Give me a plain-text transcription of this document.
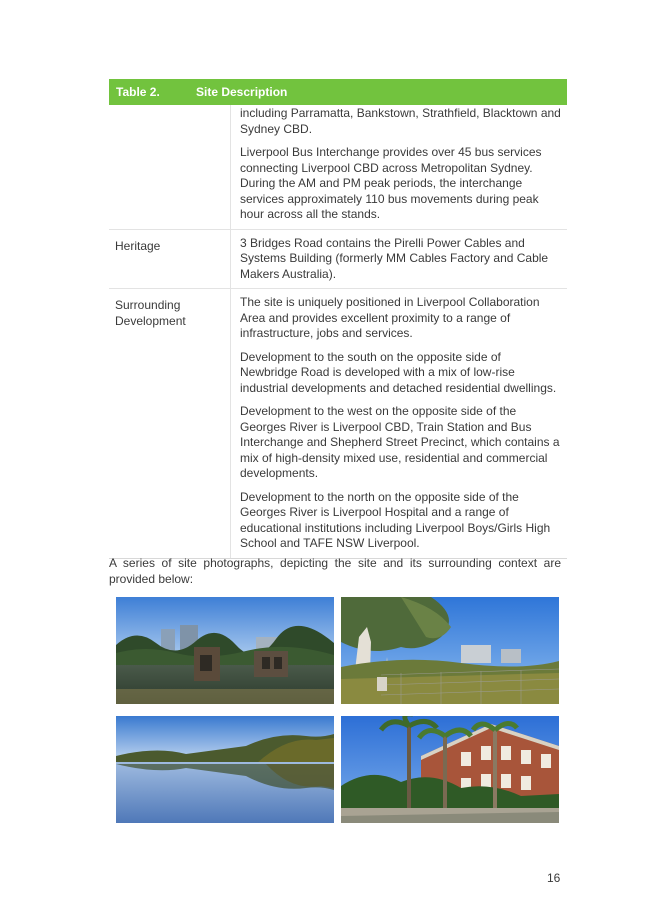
Table 2.	Site Description

including Parramatta, Bankstown, Strathfield, Blacktown and Sydney CBD.

Liverpool Bus Interchange provides over 45 bus services connecting Liverpool CBD across Metropolitan Sydney. During the AM and PM peak periods, the interchange services approximately 110 bus movements during peak hour across all the stands.

Heritage	3 Bridges Road contains the Pirelli Power Cables and Systems Building (formerly MM Cables Factory and Cable Makers Australia).

Surrounding Development

The site is uniquely positioned in Liverpool Collaboration Area and provides excellent proximity to a range of infrastructure, jobs and services.

Development to the south on the opposite side of Newbridge Road is developed with a mix of low-rise industrial developments and detached residential dwellings.

Development to the west on the opposite side of the Georges River is Liverpool CBD, Train Station and Bus Interchange and Shepherd Street Precinct, which contains a mix of high-density mixed use, residential and commercial developments.

Development to the north on the opposite side of the Georges River is Liverpool Hospital and a range of educational institutions including Liverpool Boys/Girls High School and TAFE NSW Liverpool.

A series of site photographs, depicting the site and its surrounding context are provided below:
16
